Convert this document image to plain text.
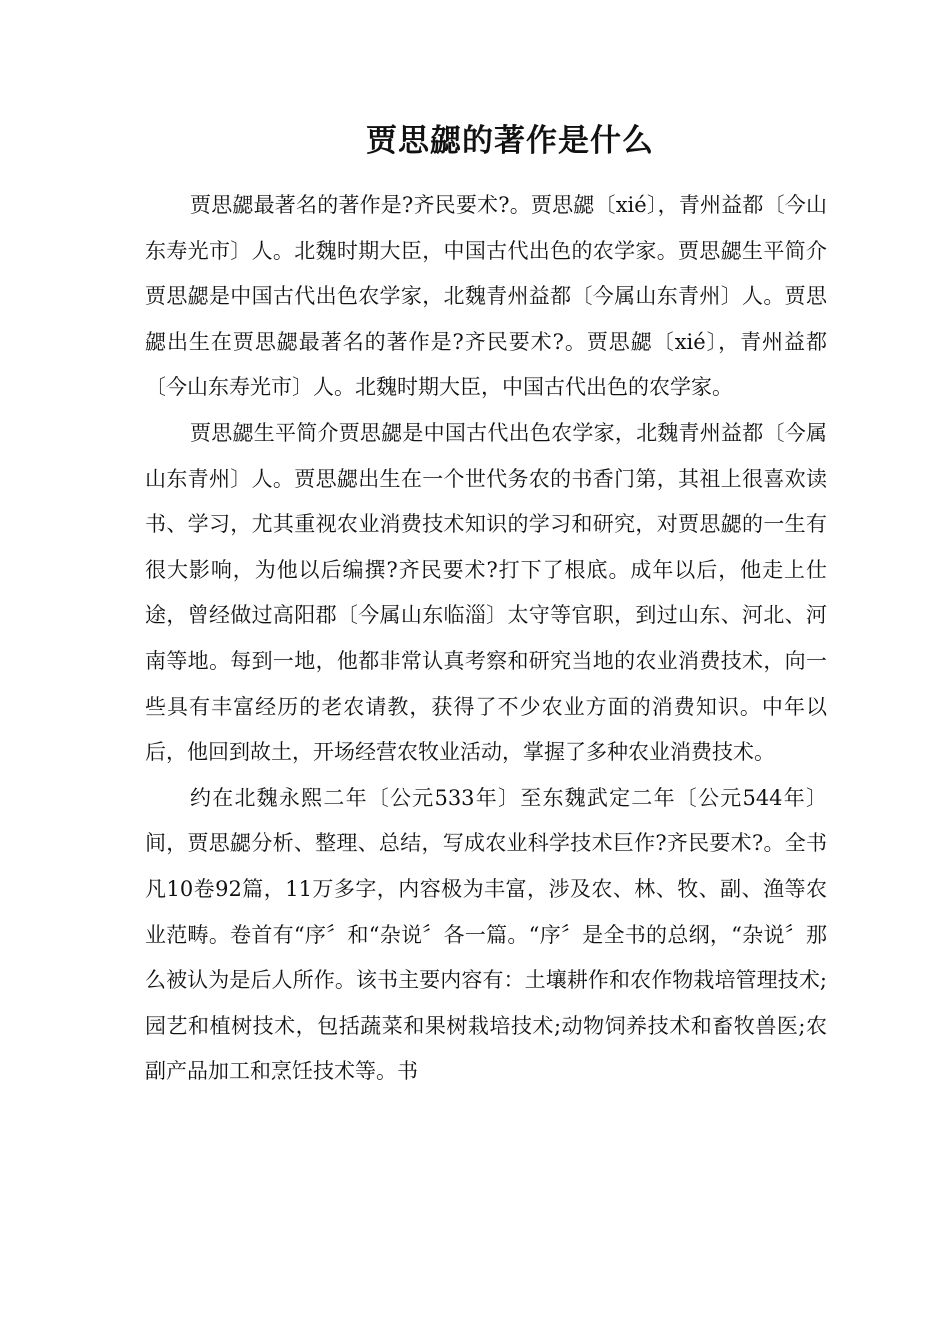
贾思勰的著作是什么

贾思勰最著名的著作是?齐民要术?。贾思勰〔xié〕，青州益都〔今山东寿光市〕人。北魏时期大臣，中国古代出色的农学家。贾思勰生平简介贾思勰是中国古代出色农学家，北魏青州益都〔今属山东青州〕人。贾思勰出生在贾思勰最著名的著作是?齐民要术?。贾思勰〔xié〕，青州益都〔今山东寿光市〕人。北魏时期大臣，中国古代出色的农学家。

贾思勰生平简介贾思勰是中国古代出色农学家，北魏青州益都〔今属山东青州〕人。贾思勰出生在一个世代务农的书香门第，其祖上很喜欢读书、学习，尤其重视农业消费技术知识的学习和研究，对贾思勰的一生有很大影响，为他以后编撰?齐民要术?打下了根底。成年以后，他走上仕途，曾经做过高阳郡〔今属山东临淄〕太守等官职，到过山东、河北、河南等地。每到一地，他都非常认真考察和研究当地的农业消费技术，向一些具有丰富经历的老农请教，获得了不少农业方面的消费知识。中年以后，他回到故土，开场经营农牧业活动，掌握了多种农业消费技术。

约在北魏永熙二年〔公元533年〕至东魏武定二年〔公元544年〕间，贾思勰分析、整理、总结，写成农业科学技术巨作?齐民要术?。全书凡10卷92篇，11万多字，内容极为丰富，涉及农、林、牧、副、渔等农业范畴。卷首有“序〞和“杂说〞各一篇。“序〞是全书的总纲，“杂说〞那么被认为是后人所作。该书主要内容有：土壤耕作和农作物栽培管理技术;园艺和植树技术，包括蔬菜和果树栽培技术;动物饲养技术和畜牧兽医;农副产品加工和烹饪技术等。书
